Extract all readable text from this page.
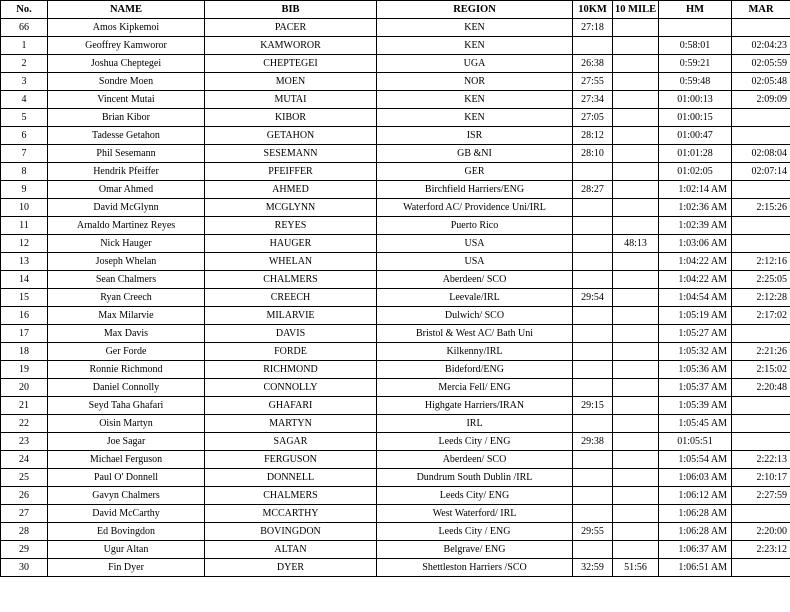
No.	NAME	BIB	REGION	10KM	10 MILE	HM	MAR
66	Amos Kipkemoi	PACER	KEN	27:18			
1	Geoffrey Kamworor	KAMWOROR	KEN			0:58:01	02:04:23
2	Joshua Cheptegei	CHEPTEGEI	UGA	26:38		0:59:21	02:05:59
3	Sondre Moen	MOEN	NOR	27:55		0:59:48	02:05:48
4	Vincent Mutai	MUTAI	KEN	27:34		01:00:13	2:09:09
5	Brian Kibor	KIBOR	KEN	27:05		01:00:15	
6	Tadesse Getahon	GETAHON	ISR	28:12		01:00:47	
7	Phil Sesemann	SESEMANN	GB &NI	28:10		01:01:28	02:08:04
8	Hendrik Pfeiffer	PFEIFFER	GER			01:02:05	02:07:14
9	Omar Ahmed	AHMED	Birchfield Harriers/ENG	28:27		1:02:14 AM	
10	David McGlynn	MCGLYNN	Waterford AC/ Providence Uni/IRL			1:02:36 AM	2:15:26
11	Arnaldo Martinez Reyes	REYES	Puerto Rico			1:02:39 AM	
12	Nick Hauger	HAUGER	USA		48:13	1:03:06 AM	
13	Joseph Whelan	WHELAN	USA			1:04:22 AM	2:12:16
14	Sean Chalmers	CHALMERS	Aberdeen/ SCO			1:04:22 AM	2:25:05
15	Ryan Creech	CREECH	Leevale/IRL	29:54		1:04:54 AM	2:12:28
16	Max Milarvie	MILARVIE	Dulwich/ SCO			1:05:19 AM	2:17:02
17	Max Davis	DAVIS	Bristol & West AC/ Bath Uni			1:05:27 AM	
18	Ger Forde	FORDE	Kilkenny/IRL			1:05:32 AM	2:21:26
19	Ronnie Richmond	RICHMOND	Bideford/ENG			1:05:36 AM	2:15:02
20	Daniel Connolly	CONNOLLY	Mercia Fell/ ENG			1:05:37 AM	2:20:48
21	Seyd Taha Ghafari	GHAFARI	Highgate Harriers/IRAN	29:15		1:05:39 AM	
22	Oisin Martyn	MARTYN	IRL			1:05:45 AM	
23	Joe Sagar	SAGAR	Leeds City / ENG	29:38		01:05:51	
24	Michael Ferguson	FERGUSON	Aberdeen/ SCO			1:05:54 AM	2:22:13
25	Paul O' Donnell	DONNELL	Dundrum South Dublin /IRL			1:06:03 AM	2:10:17
26	Gavyn Chalmers	CHALMERS	Leeds City/ ENG			1:06:12 AM	2:27:59
27	David McCarthy	MCCARTHY	West Waterford/ IRL			1:06:28 AM	
28	Ed Bovingdon	BOVINGDON	Leeds City / ENG	29:55		1:06:28 AM	2:20:00
29	Ugur Altan	ALTAN	Belgrave/ ENG			1:06:37 AM	2:23:12
30	Fin Dyer	DYER	Shettleston Harriers /SCO	32:59	51:56	1:06:51 AM	
